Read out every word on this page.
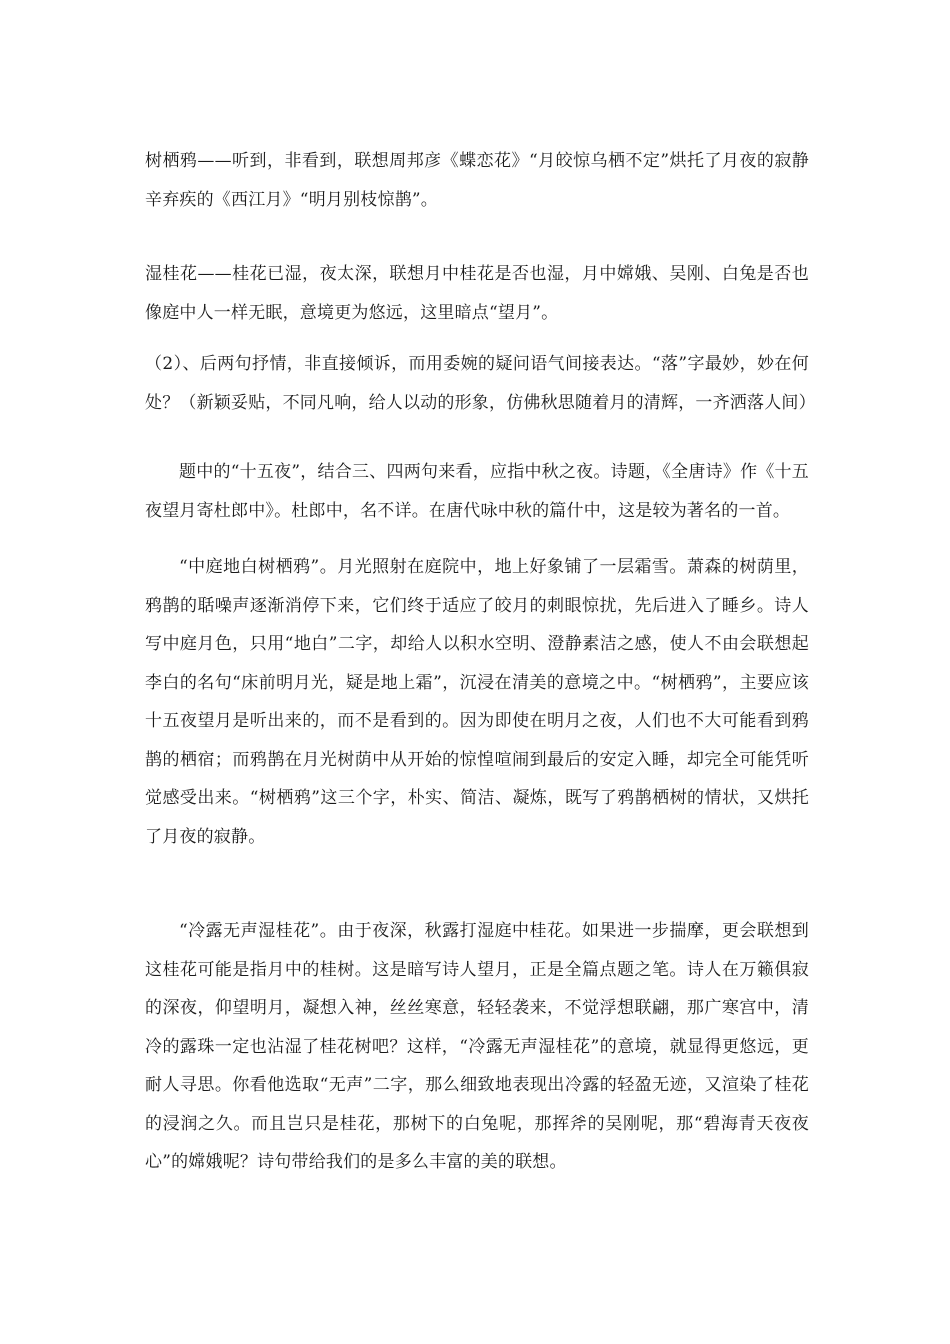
树栖鸦——听到，非看到，联想周邦彦《蝶恋花》“月皎惊乌栖不定”烘托了月夜的寂静辛弃疾的《西江月》“明月别枝惊鹊”。

湿桂花——桂花已湿，夜太深，联想月中桂花是否也湿，月中嫦娥、吴刚、白兔是否也像庭中人一样无眠，意境更为悠远，这里暗点“望月”。

（2）、后两句抒情，非直接倾诉，而用委婉的疑问语气间接表达。“落”字最妙，妙在何处？（新颖妥贴，不同凡响，给人以动的形象，仿佛秋思随着月的清辉，一齐洒落人间）

题中的“十五夜”，结合三、四两句来看，应指中秋之夜。诗题，《全唐诗》作《十五夜望月寄杜郎中》。杜郎中，名不详。在唐代咏中秋的篇什中，这是较为著名的一首。

“中庭地白树栖鸦”。月光照射在庭院中，地上好象铺了一层霜雪。萧森的树荫里，鸦鹊的聒噪声逐渐消停下来，它们终于适应了皎月的刺眼惊扰，先后进入了睡乡。诗人写中庭月色，只用“地白”二字，却给人以积水空明、澄静素洁之感，使人不由会联想起李白的名句“床前明月光，疑是地上霜”，沉浸在清美的意境之中。“树栖鸦”，主要应该十五夜望月是听出来的，而不是看到的。因为即使在明月之夜，人们也不大可能看到鸦鹊的栖宿；而鸦鹊在月光树荫中从开始的惊惶喧闹到最后的安定入睡，却完全可能凭听觉感受出来。“树栖鸦”这三个字，朴实、简洁、凝炼，既写了鸦鹊栖树的情状，又烘托了月夜的寂静。

“冷露无声湿桂花”。由于夜深，秋露打湿庭中桂花。如果进一步揣摩，更会联想到这桂花可能是指月中的桂树。这是暗写诗人望月，正是全篇点题之笔。诗人在万籁俱寂的深夜，仰望明月，凝想入神，丝丝寒意，轻轻袭来，不觉浮想联翩，那广寒宫中，清冷的露珠一定也沾湿了桂花树吧？这样，“冷露无声湿桂花”的意境，就显得更悠远，更耐人寻思。你看他选取“无声”二字，那么细致地表现出冷露的轻盈无迹，又渲染了桂花的浸润之久。而且岂只是桂花，那树下的白兔呢，那挥斧的吴刚呢，那“碧海青天夜夜心”的嫦娥呢？诗句带给我们的是多么丰富的美的联想。
